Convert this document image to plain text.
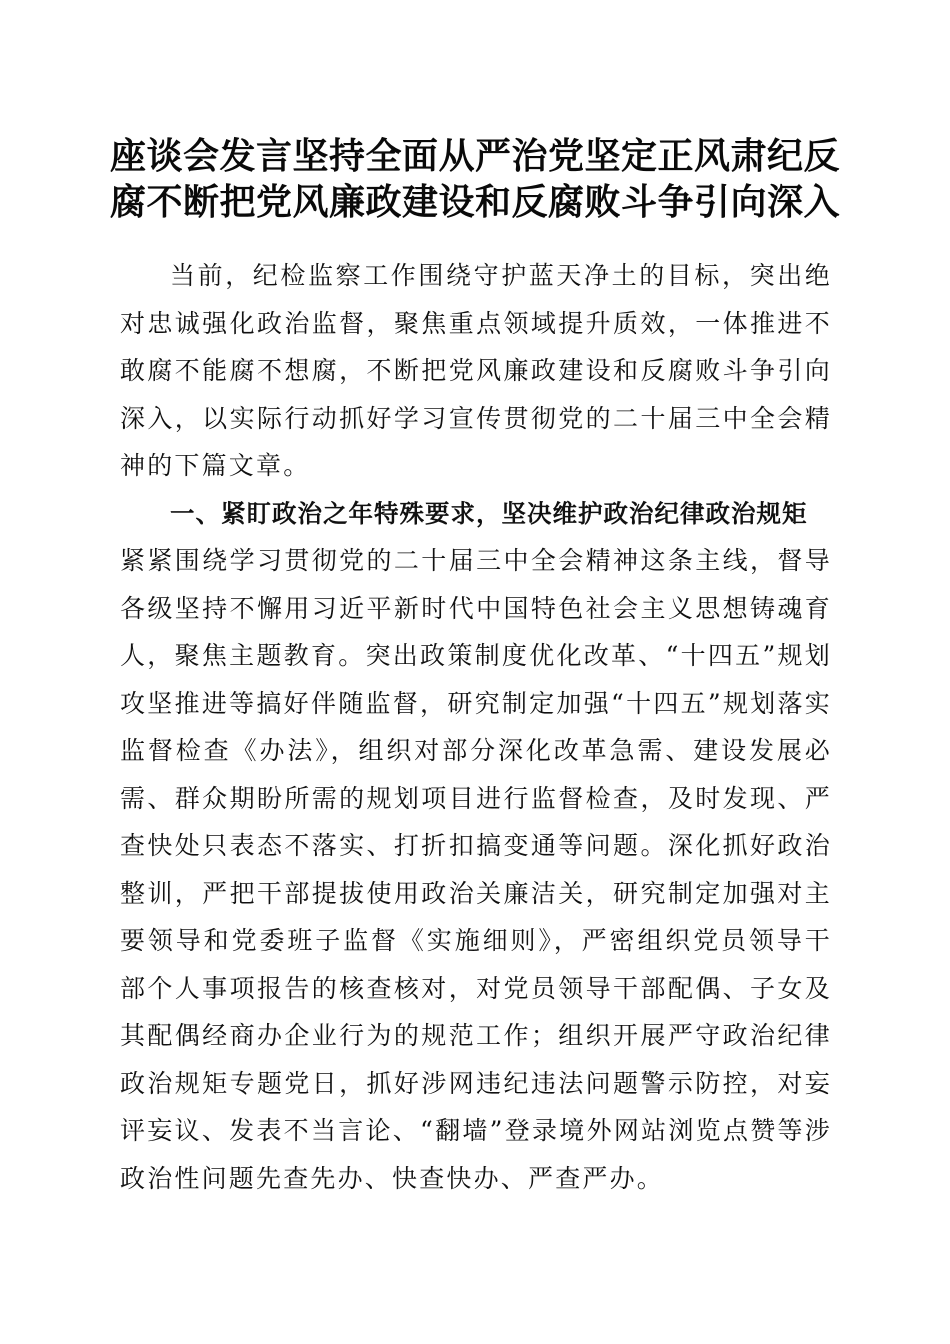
座谈会发言坚持全面从严治党坚定正风肃纪反
腐不断把党风廉政建设和反腐败斗争引向深入

当前，纪检监察工作围绕守护蓝天净土的目标，突出绝对忠诚强化政治监督，聚焦重点领域提升质效，一体推进不敢腐不能腐不想腐，不断把党风廉政建设和反腐败斗争引向深入，以实际行动抓好学习宣传贯彻党的二十届三中全会精神的下篇文章。

一、紧盯政治之年特殊要求，坚决维护政治纪律政治规矩

紧紧围绕学习贯彻党的二十届三中全会精神这条主线，督导各级坚持不懈用习近平新时代中国特色社会主义思想铸魂育人，聚焦主题教育。突出政策制度优化改革、“十四五”规划攻坚推进等搞好伴随监督，研究制定加强“十四五”规划落实监督检查《办法》，组织对部分深化改革急需、建设发展必需、群众期盼所需的规划项目进行监督检查，及时发现、严查快处只表态不落实、打折扣搞变通等问题。深化抓好政治整训，严把干部提拔使用政治关廉洁关，研究制定加强对主要领导和党委班子监督《实施细则》，严密组织党员领导干部个人事项报告的核查核对，对党员领导干部配偶、子女及其配偶经商办企业行为的规范工作；组织开展严守政治纪律政治规矩专题党日，抓好涉网违纪违法问题警示防控，对妄评妄议、发表不当言论、“翻墙”登录境外网站浏览点赞等涉政治性问题先查先办、快查快办、严查严办。
